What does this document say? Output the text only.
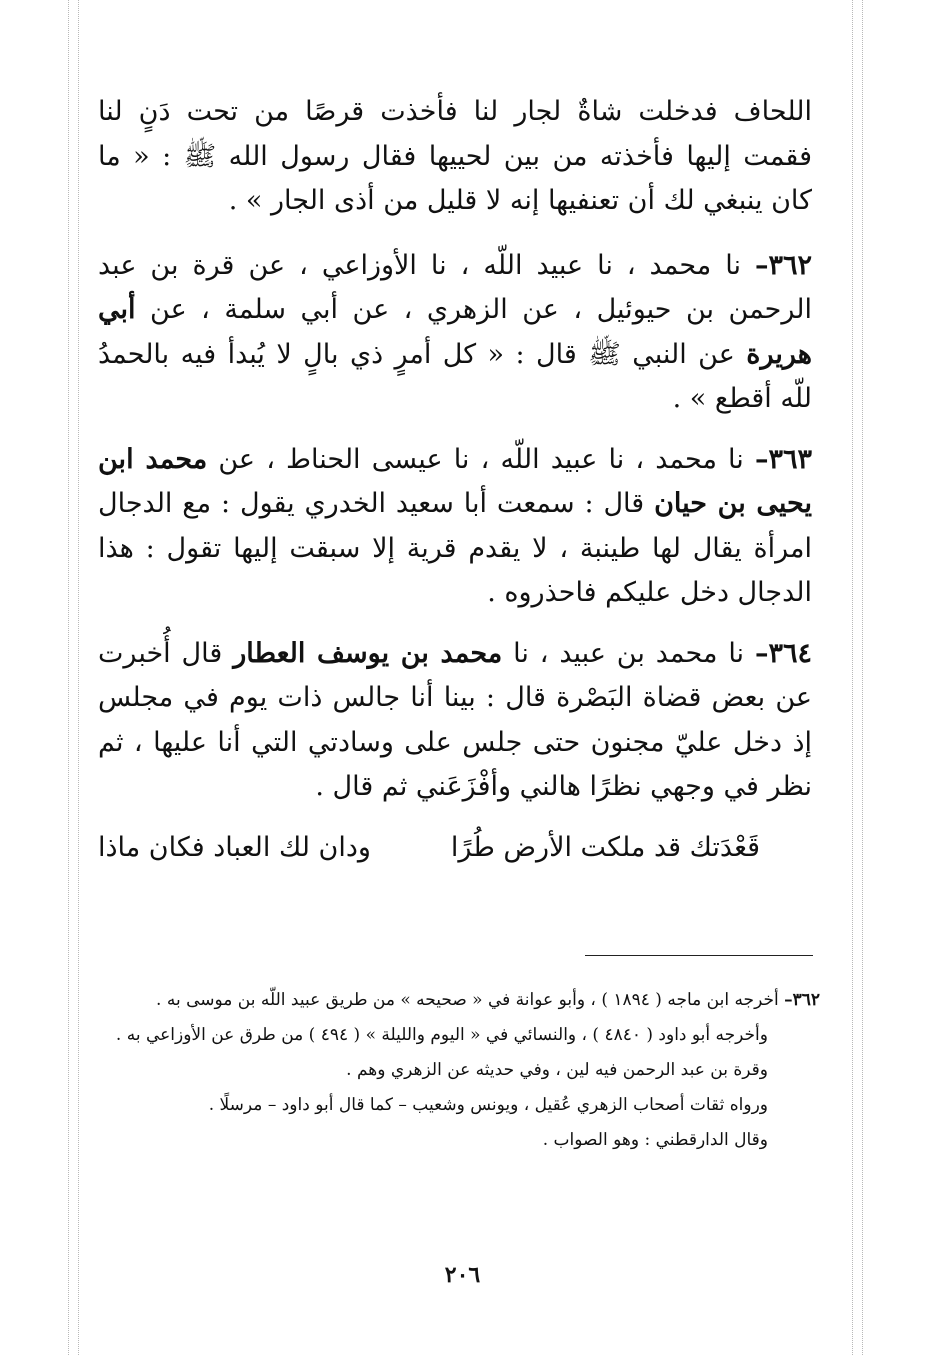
اللحاف فدخلت شاةٌ لجار لنا فأخذت قرصًا من تحت دَنٍ لنا فقمت إليها فأخذته من بين لحييها فقال رسول الله ﷺ : « ما كان ينبغي لك أن تعنفيها إنه لا قليل من أذى الجار » .

٣٦٢– نا محمد ، نا عبيد اللّه ، نا الأوزاعي ، عن قرة بن عبد الرحمن بن حيوئيل ، عن الزهري ، عن أبي سلمة ، عن أبي هريرة عن النبي ﷺ قال : « كل أمرٍ ذي بالٍ لا يُبدأ فيه بالحمدُ للّه أقطع » .

٣٦٣– نا محمد ، نا عبيد اللّه ، نا عيسى الحناط ، عن محمد ابن يحيى بن حيان قال : سمعت أبا سعيد الخدري يقول : مع الدجال امرأة يقال لها طينبة ، لا يقدم قرية إلا سبقت إليها تقول : هذا الدجال دخل عليكم فاحذروه .

٣٦٤– نا محمد بن عبيد ، نا محمد بن يوسف العطار قال أُخبرت عن بعض قضاة البَصْرة قال : بينا أنا جالس ذات يوم في مجلس إذ دخل عليّ مجنون حتى جلس على وسادتي التي أنا عليها ، ثم نظر في وجهي نظرًا هالني وأفْزَعَني ثم قال .

قَعْدَتك قد ملكت الأرض طُرًا
ودان لك العباد فكان ماذا

٣٦٢– أخرجه ابن ماجه ( ١٨٩٤ ) ، وأبو عوانة في « صحيحه » من طريق عبيد اللّه بن موسى به .

وأخرجه أبو داود ( ٤٨٤٠ ) ، والنسائي في « اليوم والليلة » ( ٤٩٤ ) من طرق عن الأوزاعي به .

وقرة بن عبد الرحمن فيه لين ، وفي حديثه عن الزهري وهم .

ورواه ثقات أصحاب الزهري عُقيل ، ويونس وشعيب – كما قال أبو داود – مرسلًا .

وقال الدارقطني : وهو الصواب .

٢٠٦
